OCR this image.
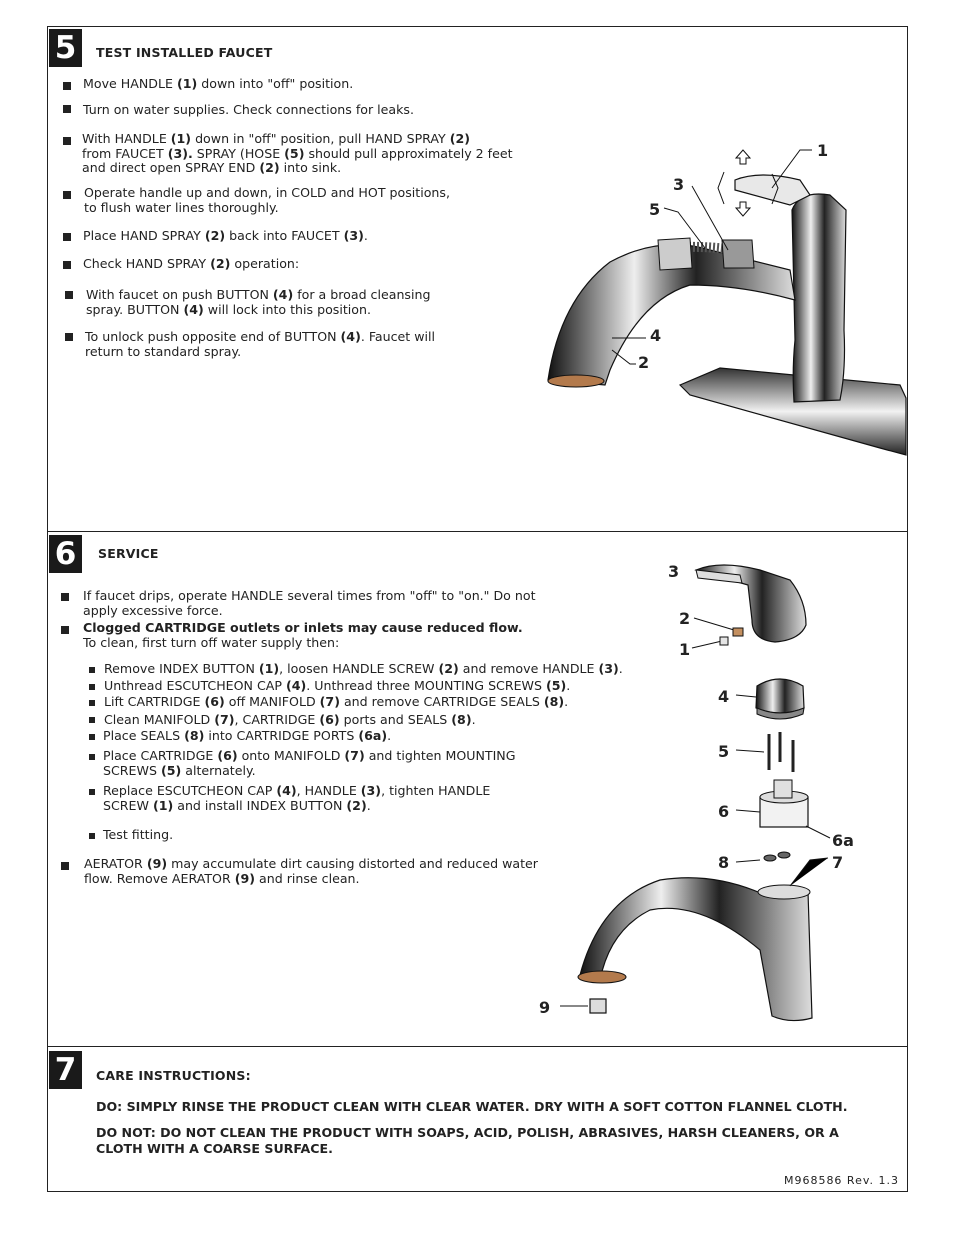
5	TEST INSTALLED FAUCET
Move HANDLE (1) down into "off" position.
Turn on water supplies. Check connections for leaks.
With HANDLE (1) down in "off" position, pull HAND SPRAY (2)
from FAUCET (3). SPRAY (HOSE (5) should pull approximately 2 feet
and direct open SPRAY END (2) into sink.
Operate handle up and down, in COLD and HOT positions,
to flush water lines thoroughly.
Place HAND SPRAY (2) back into FAUCET (3).
Check HAND SPRAY (2) operation:
With faucet on push BUTTON (4) for a broad cleansing
spray. BUTTON (4) will lock into this position.
To unlock push opposite end of BUTTON (4). Faucet will
return to standard spray.
1
3
5
4
2
6	SERVICE
If faucet drips, operate HANDLE several times from "off" to "on." Do not
apply excessive force.
Clogged CARTRIDGE outlets or inlets may cause reduced flow.
To clean, first turn off water supply then:
Remove INDEX BUTTON (1), loosen HANDLE SCREW (2) and remove HANDLE (3).
Unthread ESCUTCHEON CAP (4). Unthread three MOUNTING SCREWS (5).
Lift CARTRIDGE (6) off MANIFOLD (7) and remove CARTRIDGE SEALS (8).
Clean MANIFOLD (7), CARTRIDGE (6) ports and SEALS (8).
Place SEALS (8) into CARTRIDGE PORTS (6a).
Place CARTRIDGE (6) onto MANIFOLD (7) and tighten MOUNTING
SCREWS (5) alternately.
Replace ESCUTCHEON CAP (4), HANDLE (3), tighten HANDLE
SCREW (1) and install INDEX BUTTON (2).
Test fitting.
AERATOR (9) may accumulate dirt causing distorted and reduced water
flow. Remove AERATOR (9) and rinse clean.
3
2
1
4
5
6
6a
8	7
9
7	CARE INSTRUCTIONS:
DO: SIMPLY RINSE THE PRODUCT CLEAN WITH CLEAR WATER. DRY WITH A SOFT COTTON FLANNEL CLOTH.
DO NOT: DO NOT CLEAN THE PRODUCT WITH SOAPS, ACID, POLISH, ABRASIVES, HARSH CLEANERS, OR A
CLOTH WITH A COARSE SURFACE.
M968586 Rev. 1.3
